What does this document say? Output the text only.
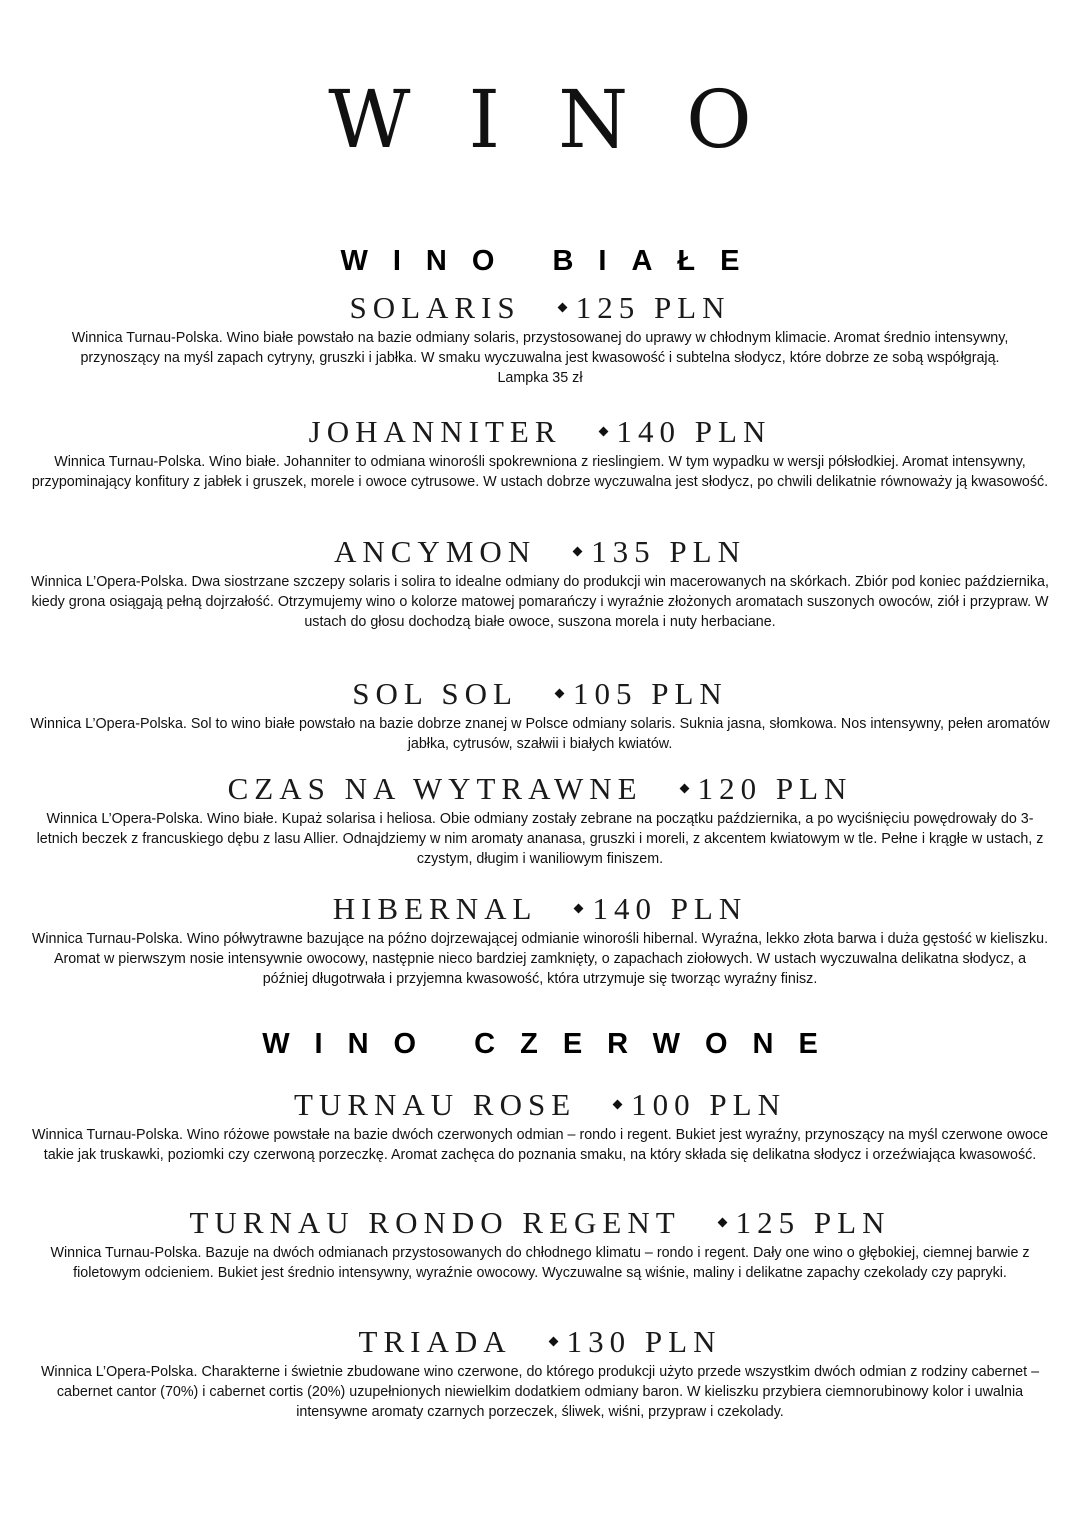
WINO
WINO BIAŁE
SOLARIS 125 PLN

Winnica Turnau-Polska. Wino białe powstało na bazie odmiany solaris, przystosowanej do uprawy w chłodnym klimacie. Aromat średnio intensywny, przynoszący na myśl zapach cytryny, gruszki i jabłka. W smaku wyczuwalna jest kwasowość i subtelna słodycz, które dobrze ze sobą współgrają.

Lampka 35 zł

JOHANNITER 140 PLN

Winnica Turnau-Polska. Wino białe. Johanniter to odmiana winorośli spokrewniona z rieslingiem. W tym wypadku w wersji półsłodkiej. Aromat intensywny, przypominający konfitury z jabłek i gruszek, morele i owoce cytrusowe. W ustach dobrze wyczuwalna jest słodycz, po chwili delikatnie równoważy ją kwasowość.

ANCYMON 135 PLN

Winnica L’Opera-Polska. Dwa siostrzane szczepy solaris i solira to idealne odmiany do produkcji win macerowanych na skórkach. Zbiór pod koniec października, kiedy grona osiągają pełną dojrzałość. Otrzymujemy wino o kolorze matowej pomarańczy i wyraźnie złożonych aromatach suszonych owoców, ziół i przypraw. W ustach do głosu dochodzą białe owoce, suszona morela i nuty herbaciane.

SOL SOL 105 PLN

Winnica L’Opera-Polska. Sol to wino białe powstało na bazie dobrze znanej w Polsce odmiany solaris. Suknia jasna, słomkowa. Nos intensywny, pełen aromatów jabłka, cytrusów, szałwii i białych kwiatów.

CZAS NA WYTRAWNE 120 PLN

Winnica L’Opera-Polska. Wino białe. Kupaż solarisa i heliosa. Obie odmiany zostały zebrane na początku października, a po wyciśnięciu powędrowały do 3-letnich beczek z francuskiego dębu z lasu Allier. Odnajdziemy w nim aromaty ananasa, gruszki i moreli, z akcentem kwiatowym w tle. Pełne i krągłe w ustach, z czystym, długim i waniliowym finiszem.

HIBERNAL 140 PLN

Winnica Turnau-Polska. Wino półwytrawne bazujące na późno dojrzewającej odmianie winorośli hibernal. Wyraźna, lekko złota barwa i duża gęstość w kieliszku. Aromat w pierwszym nosie intensywnie owocowy, następnie nieco bardziej zamknięty, o zapachach ziołowych. W ustach wyczuwalna delikatna słodycz, a później długotrwała i przyjemna kwasowość, która utrzymuje się tworząc wyraźny finisz.

WINO CZERWONE
TURNAU ROSE 100 PLN

Winnica Turnau-Polska. Wino różowe powstałe na bazie dwóch czerwonych odmian – rondo i regent. Bukiet jest wyraźny, przynoszący na myśl czerwone owoce takie jak truskawki, poziomki czy czerwoną porzeczkę. Aromat zachęca do poznania smaku, na który składa się delikatna słodycz i orzeźwiająca kwasowość.

TURNAU RONDO REGENT 125 PLN

Winnica Turnau-Polska. Bazuje na dwóch odmianach przystosowanych do chłodnego klimatu – rondo i regent. Dały one wino o głębokiej, ciemnej barwie z fioletowym odcieniem. Bukiet jest średnio intensywny, wyraźnie owocowy. Wyczuwalne są wiśnie, maliny i delikatne zapachy czekolady czy papryki.

TRIADA 130 PLN

Winnica L’Opera-Polska. Charakterne i świetnie zbudowane wino czerwone, do którego produkcji użyto przede wszystkim dwóch odmian z rodziny cabernet – cabernet cantor (70%) i cabernet cortis (20%) uzupełnionych niewielkim dodatkiem odmiany baron. W kieliszku przybiera ciemnorubinowy kolor i uwalnia intensywne aromaty czarnych porzeczek, śliwek, wiśni, przypraw i czekolady.
